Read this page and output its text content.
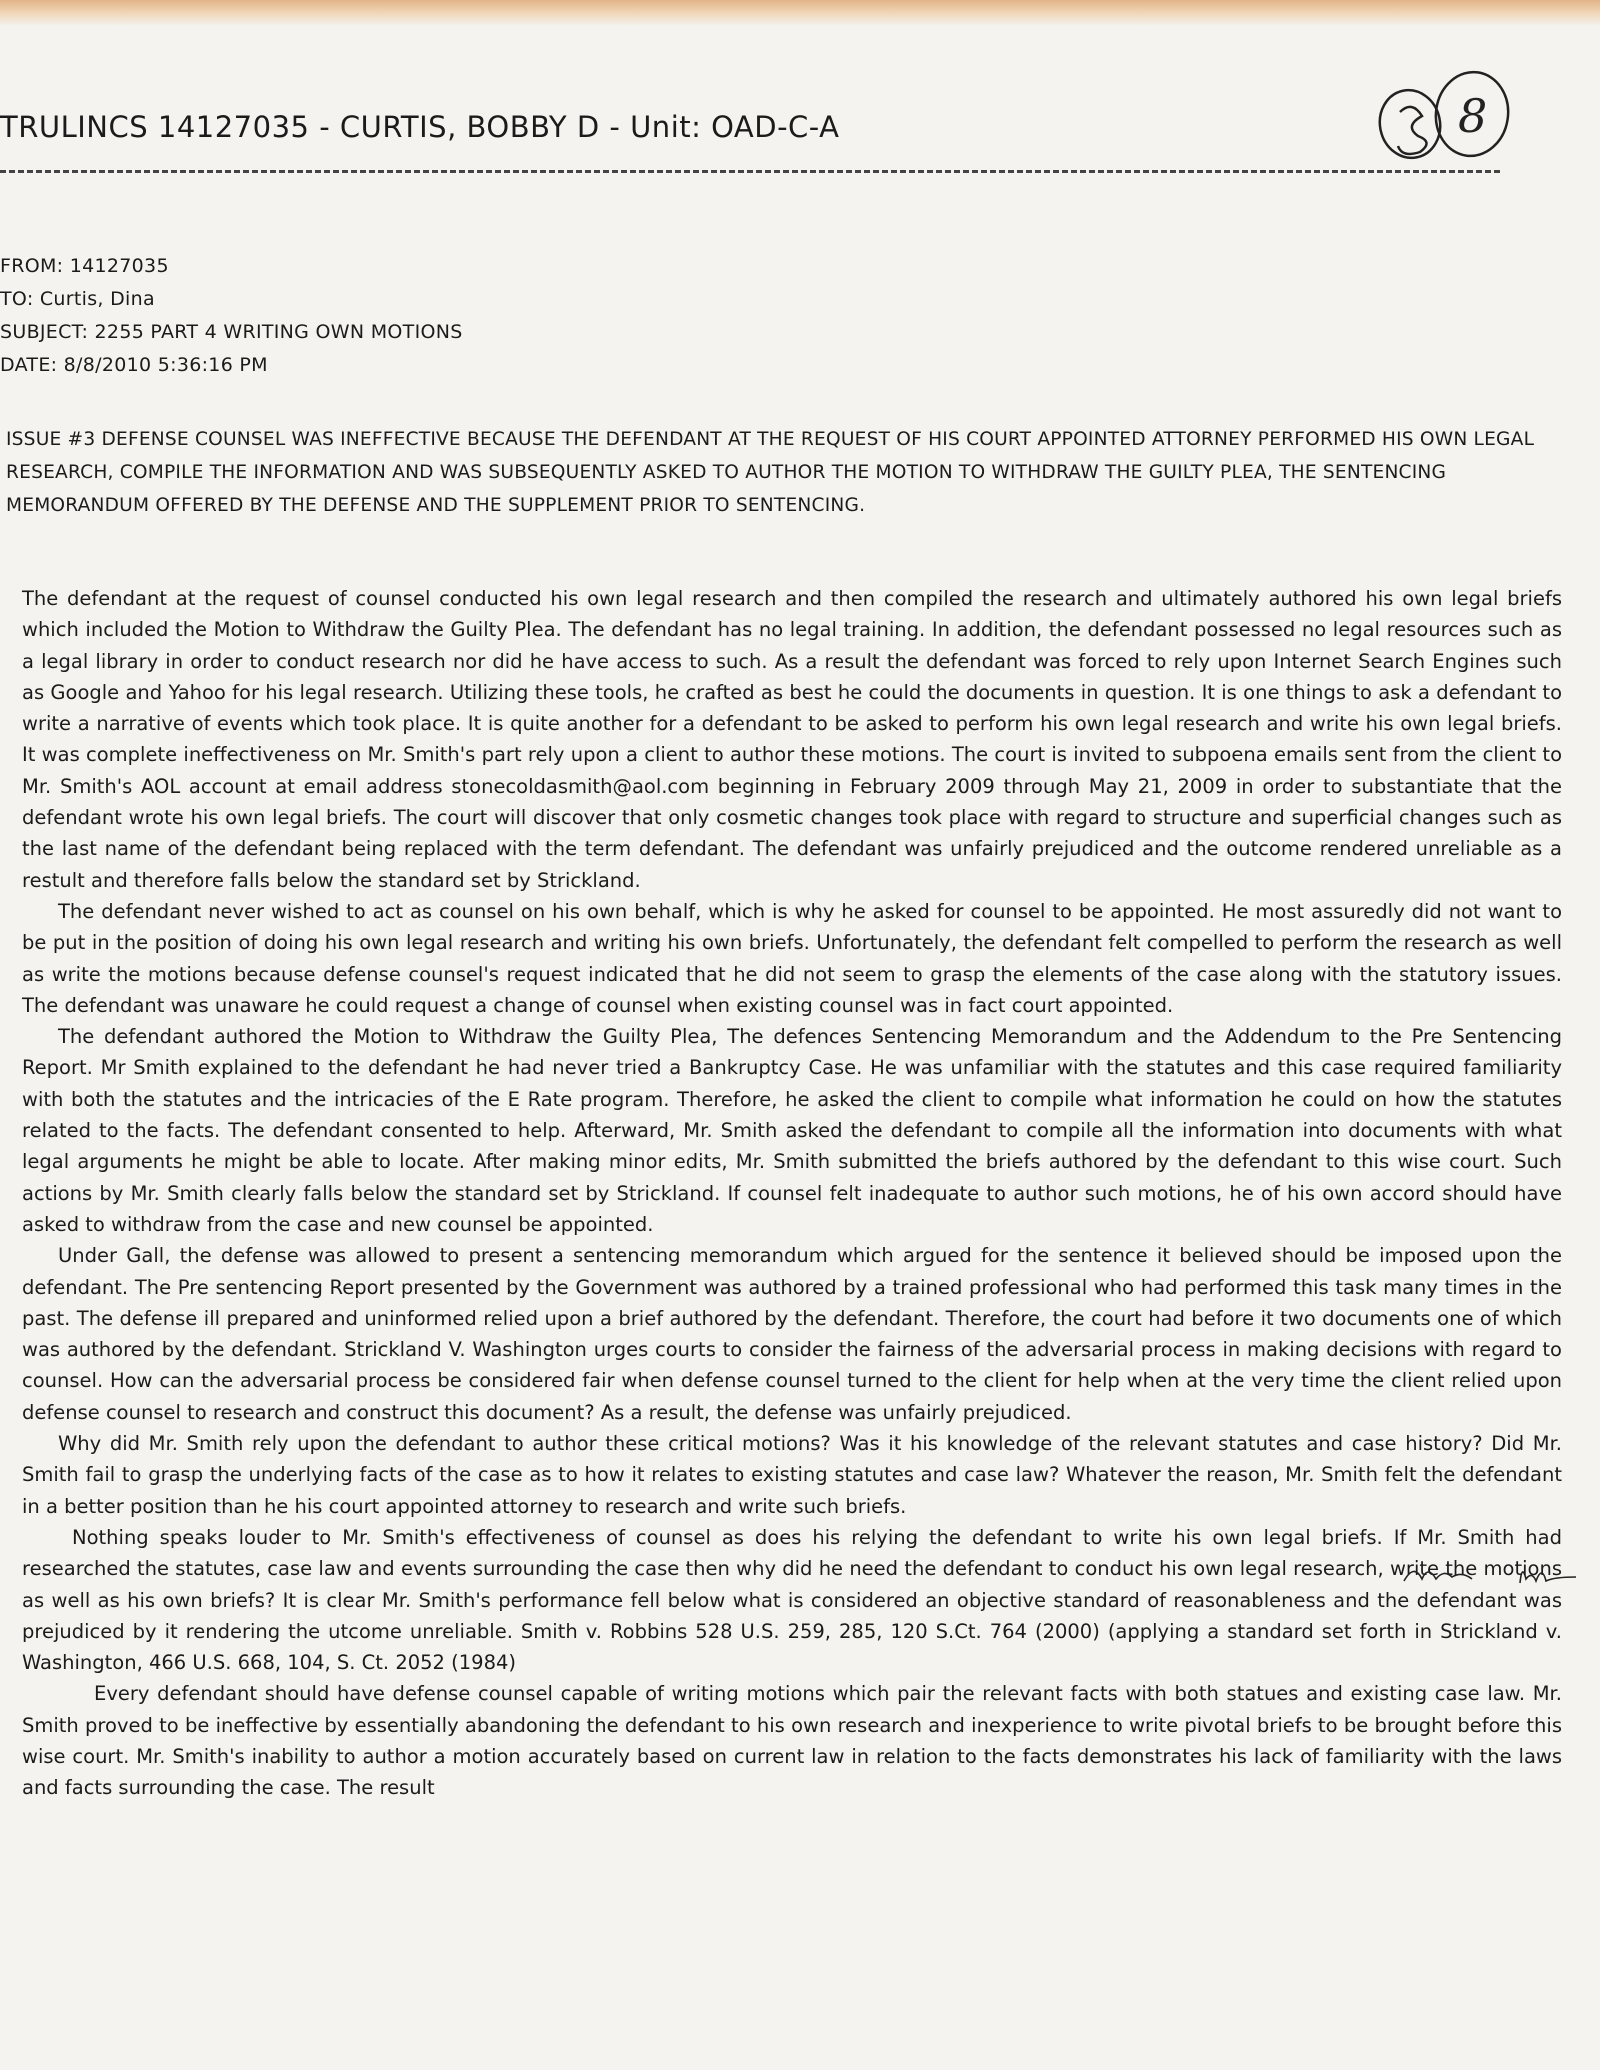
TRULINCS 14127035 - CURTIS, BOBBY D - Unit: OAD-C-A	8
FROM: 14127035
TO: Curtis, Dina
SUBJECT: 2255 PART 4 WRITING OWN MOTIONS
DATE: 8/8/2010 5:36:16 PM
ISSUE #3 DEFENSE COUNSEL WAS INEFFECTIVE BECAUSE THE DEFENDANT AT THE REQUEST OF HIS COURT APPOINTED ATTORNEY PERFORMED HIS OWN LEGAL RESEARCH, COMPILE THE INFORMATION AND WAS SUBSEQUENTLY ASKED TO AUTHOR THE MOTION TO WITHDRAW THE GUILTY PLEA, THE SENTENCING MEMORANDUM OFFERED BY THE DEFENSE AND THE SUPPLEMENT PRIOR TO SENTENCING.

The defendant at the request of counsel conducted his own legal research and then compiled the research and ultimately authored his own legal briefs which included the Motion to Withdraw the Guilty Plea. The defendant has no legal training. In addition, the defendant possessed no legal resources such as a legal library in order to conduct research nor did he have access to such. As a result the defendant was forced to rely upon Internet Search Engines such as Google and Yahoo for his legal research. Utilizing these tools, he crafted as best he could the documents in question. It is one things to ask a defendant to write a narrative of events which took place. It is quite another for a defendant to be asked to perform his own legal research and write his own legal briefs. It was complete ineffectiveness on Mr. Smith's part rely upon a client to author these motions. The court is invited to subpoena emails sent from the client to Mr. Smith's AOL account at email address stonecoldasmith@aol.com beginning in February 2009 through May 21, 2009 in order to substantiate that the defendant wrote his own legal briefs. The court will discover that only cosmetic changes took place with regard to structure and superficial changes such as the last name of the defendant being replaced with the term defendant. The defendant was unfairly prejudiced and the outcome rendered unreliable as a restult and therefore falls below the standard set by Strickland.

The defendant never wished to act as counsel on his own behalf, which is why he asked for counsel to be appointed. He most assuredly did not want to be put in the position of doing his own legal research and writing his own briefs. Unfortunately, the defendant felt compelled to perform the research as well as write the motions because defense counsel's request indicated that he did not seem to grasp the elements of the case along with the statutory issues. The defendant was unaware he could request a change of counsel when existing counsel was in fact court appointed.

The defendant authored the Motion to Withdraw the Guilty Plea, The defences Sentencing Memorandum and the Addendum to the Pre Sentencing Report. Mr Smith explained to the defendant he had never tried a Bankruptcy Case. He was unfamiliar with the statutes and this case required familiarity with both the statutes and the intricacies of the E Rate program. Therefore, he asked the client to compile what information he could on how the statutes related to the facts. The defendant consented to help. Afterward, Mr. Smith asked the defendant to compile all the information into documents with what legal arguments he might be able to locate. After making minor edits, Mr. Smith submitted the briefs authored by the defendant to this wise court. Such actions by Mr. Smith clearly falls below the standard set by Strickland. If counsel felt inadequate to author such motions, he of his own accord should have asked to withdraw from the case and new counsel be appointed.

Under Gall, the defense was allowed to present a sentencing memorandum which argued for the sentence it believed should be imposed upon the defendant. The Pre sentencing Report presented by the Government was authored by a trained professional who had performed this task many times in the past. The defense ill prepared and uninformed relied upon a brief authored by the defendant. Therefore, the court had before it two documents one of which was authored by the defendant. Strickland V. Washington urges courts to consider the fairness of the adversarial process in making decisions with regard to counsel. How can the adversarial process be considered fair when defense counsel turned to the client for help when at the very time the client relied upon defense counsel to research and construct this document? As a result, the defense was unfairly prejudiced.

Why did Mr. Smith rely upon the defendant to author these critical motions? Was it his knowledge of the relevant statutes and case history? Did Mr. Smith fail to grasp the underlying facts of the case as to how it relates to existing statutes and case law? Whatever the reason, Mr. Smith felt the defendant in a better position than he his court appointed attorney to research and write such briefs.

Nothing speaks louder to Mr. Smith's effectiveness of counsel as does his relying the defendant to write his own legal briefs. If Mr. Smith had researched the statutes, case law and events surrounding the case then why did he need the defendant to conduct his own legal research, write the motions as well as his own briefs? It is clear Mr. Smith's performance fell below what is considered an objective standard of reasonableness and the defendant was prejudiced by it rendering the utcome unreliable. Smith v. Robbins 528 U.S. 259, 285, 120 S.Ct. 764 (2000) (applying a standard set forth in Strickland v. Washington, 466 U.S. 668, 104, S. Ct. 2052 (1984)

Every defendant should have defense counsel capable of writing motions which pair the relevant facts with both statues and existing case law. Mr. Smith proved to be ineffective by essentially abandoning the defendant to his own research and inexperience to write pivotal briefs to be brought before this wise court. Mr. Smith's inability to author a motion accurately based on current law in relation to the facts demonstrates his lack of familiarity with the laws and facts surrounding the case. The result
